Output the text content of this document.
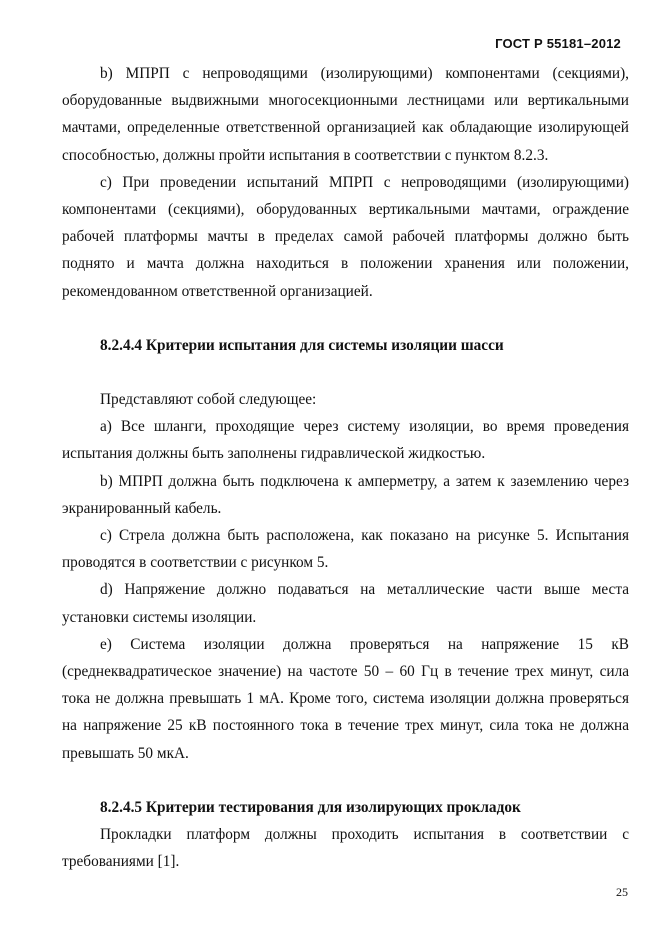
ГОСТ Р 55181–2012

b) МПРП с непроводящими (изолирующими) компонентами (секциями), оборудованные выдвижными многосекционными лестницами или вертикальными мачтами, определенные ответственной организацией как обладающие изолирующей способностью, должны пройти испытания в соответствии с пунктом 8.2.3.

c) При проведении испытаний МПРП с непроводящими (изолирующими) компонентами (секциями), оборудованных вертикальными мачтами, ограждение рабочей платформы мачты в пределах самой рабочей платформы должно быть поднято и мачта должна находиться в положении хранения или положении, рекомендованном ответственной организацией.

8.2.4.4 Критерии испытания для системы изоляции шасси

Представляют собой следующее:

a) Все шланги, проходящие через систему изоляции, во время проведения испытания должны быть заполнены гидравлической жидкостью.

b) МПРП должна быть подключена к амперметру, а затем к заземлению через экранированный кабель.

c) Стрела должна быть расположена, как показано на рисунке 5. Испытания проводятся в соответствии с рисунком 5.

d) Напряжение должно подаваться на металлические части выше места установки системы изоляции.

e) Система изоляции должна проверяться на напряжение 15 кВ (среднеквадратическое значение) на частоте 50 – 60 Гц в течение трех минут, сила тока не должна превышать 1 мА. Кроме того, система изоляции должна проверяться на напряжение 25 кВ постоянного тока в течение трех минут, сила тока не должна превышать 50 мкА.

8.2.4.5 Критерии тестирования для изолирующих прокладок

Прокладки платформ должны проходить испытания в соответствии с требованиями [1].

25
